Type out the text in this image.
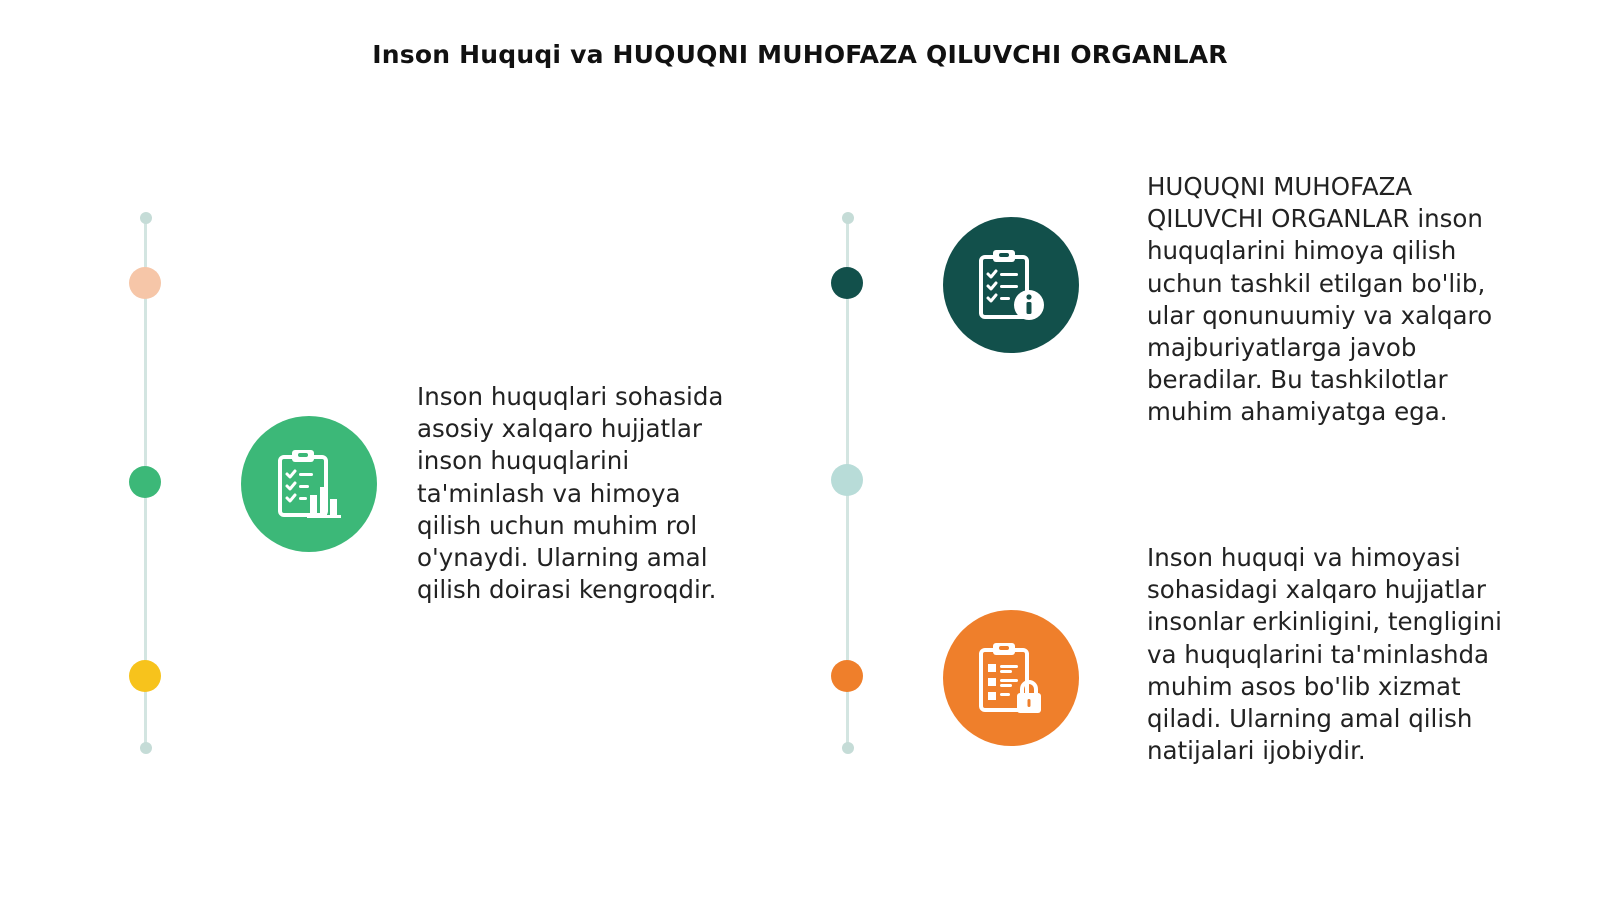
Inson Huquqi va HUQUQNI MUHOFAZA QILUVCHI ORGANLAR
Inson huquqlari sohasida asosiy xalqaro hujjatlar inson huquqlarini ta'minlash va himoya qilish uchun muhim rol o'ynaydi. Ularning amal qilish doirasi kengroqdir.
HUQUQNI MUHOFAZA QILUVCHI ORGANLAR inson huquqlarini himoya qilish uchun tashkil etilgan bo'lib, ular qonunuumiy va xalqaro majburiyatlarga javob beradilar. Bu tashkilotlar muhim ahamiyatga ega.
Inson huquqi va himoyasi sohasidagi xalqaro hujjatlar insonlar erkinligini, tengligini va huquqlarini ta'minlashda muhim asos bo'lib xizmat qiladi. Ularning amal qilish natijalari ijobiydir.
